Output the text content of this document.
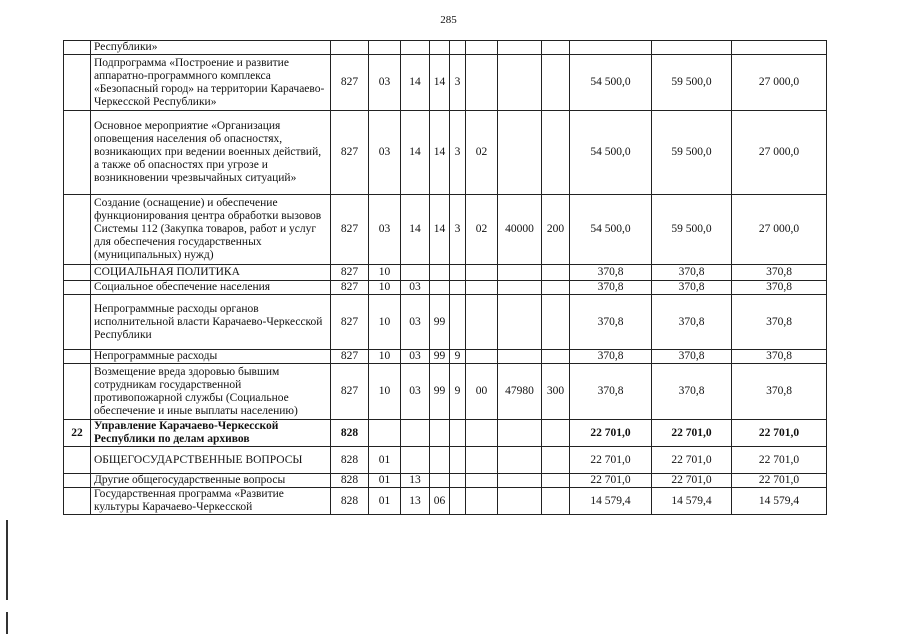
285
	Республики»											
	Подпрограмма «Построение и развитие аппаратно-программного комплекса «Безопасный город» на территории Карачаево-Черкесской Республики»	827	03	14	14	3				54 500,0	59 500,0	27 000,0
	Основное мероприятие «Организация оповещения населения об опасностях, возникающих при ведении военных действий, а также об опасностях при угрозе и возникновении чрезвычайных ситуаций»	827	03	14	14	3	02			54 500,0	59 500,0	27 000,0
	Создание (оснащение) и обеспечение функционирования центра обработки вызовов Системы 112 (Закупка товаров, работ и услуг для обеспечения государственных (муниципальных) нужд)	827	03	14	14	3	02	40000	200	54 500,0	59 500,0	27 000,0
	СОЦИАЛЬНАЯ ПОЛИТИКА	827	10							370,8	370,8	370,8
	Социальное обеспечение населения	827	10	03						370,8	370,8	370,8
	Непрограммные расходы органов исполнительной власти Карачаево-Черкесской Республики	827	10	03	99					370,8	370,8	370,8
	Непрограммные расходы	827	10	03	99	9				370,8	370,8	370,8
	Возмещение вреда здоровью бывшим сотрудникам государственной противопожарной службы (Социальное обеспечение и иные выплаты населению)	827	10	03	99	9	00	47980	300	370,8	370,8	370,8
22	Управление Карачаево-Черкесской Республики по делам архивов	828								22 701,0	22 701,0	22 701,0
	ОБЩЕГОСУДАРСТВЕННЫЕ ВОПРОСЫ	828	01							22 701,0	22 701,0	22 701,0
	Другие общегосударственные вопросы	828	01	13						22 701,0	22 701,0	22 701,0
	Государственная программа «Развитие культуры Карачаево-Черкесской	828	01	13	06					14 579,4	14 579,4	14 579,4
